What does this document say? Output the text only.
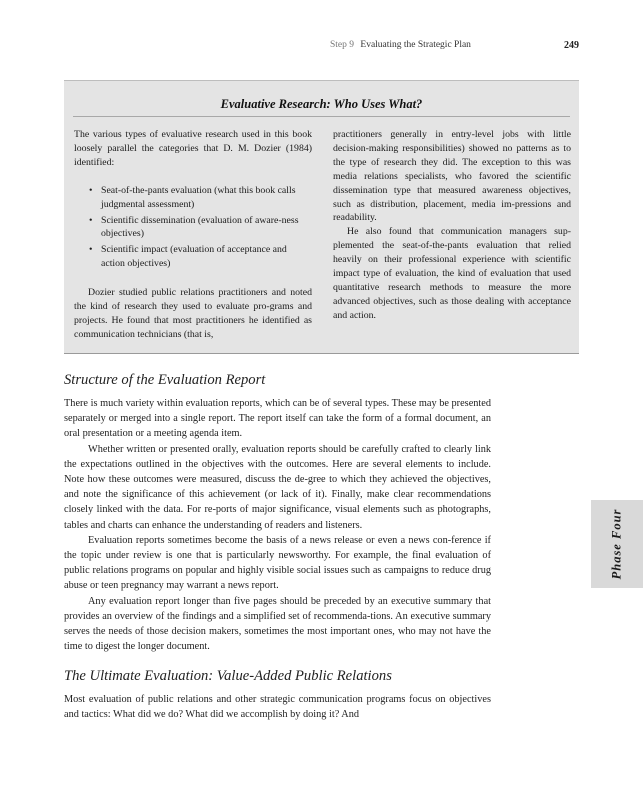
Step 9 Evaluating the Strategic Plan	249
Evaluative Research: Who Uses What?

The various types of evaluative research used in this book loosely parallel the categories that D. M. Dozier (1984) identified:

• Seat-of-the-pants evaluation (what this book calls judgmental assessment)
• Scientific dissemination (evaluation of aware-ness objectives)
• Scientific impact (evaluation of acceptance and action objectives)

Dozier studied public relations practitioners and noted the kind of research they used to evaluate pro-grams and projects. He found that most practitioners he identified as communication technicians (that is,

practitioners generally in entry-level jobs with little decision-making responsibilities) showed no patterns as to the type of research they did. The exception to this was media relations specialists, who favored the scientific dissemination type that measured awareness objectives, such as distribution, placement, media im-pressions and readability.

He also found that communication managers sup-plemented the seat-of-the-pants evaluation that relied heavily on their professional experience with scientific impact type of evaluation, the kind of evaluation that used quantitative research methods to measure the more advanced objectives, such as those dealing with acceptance and action.

Structure of the Evaluation Report

There is much variety within evaluation reports, which can be of several types. These may be presented separately or merged into a single report. The report itself can take the form of a formal document, an oral presentation or a meeting agenda item.

Whether written or presented orally, evaluation reports should be carefully crafted to clearly link the expectations outlined in the objectives with the outcomes. Here are several elements to include. Note how these outcomes were measured, discuss the de-gree to which they achieved the objectives, and note the significance of this achievement (or lack of it). Finally, make clear recommendations closely linked with the data. For re-ports of major significance, visual elements such as photographs, tables and charts can enhance the understanding of readers and listeners.

Evaluation reports sometimes become the basis of a news release or even a news con-ference if the topic under review is one that is particularly newsworthy. For example, the final evaluation of public relations programs on popular and highly visible social issues such as campaigns to reduce drug abuse or teen pregnancy may warrant a news report.

Any evaluation report longer than five pages should be preceded by an executive summary that provides an overview of the findings and a simplified set of recommenda-tions. An executive summary serves the needs of those decision makers, sometimes the most important ones, who may not have the time to digest the longer document.

The Ultimate Evaluation: Value-Added Public Relations

Most evaluation of public relations and other strategic communication programs focus on objectives and tactics: What did we do? What did we accomplish by doing it? And

Phase Four
